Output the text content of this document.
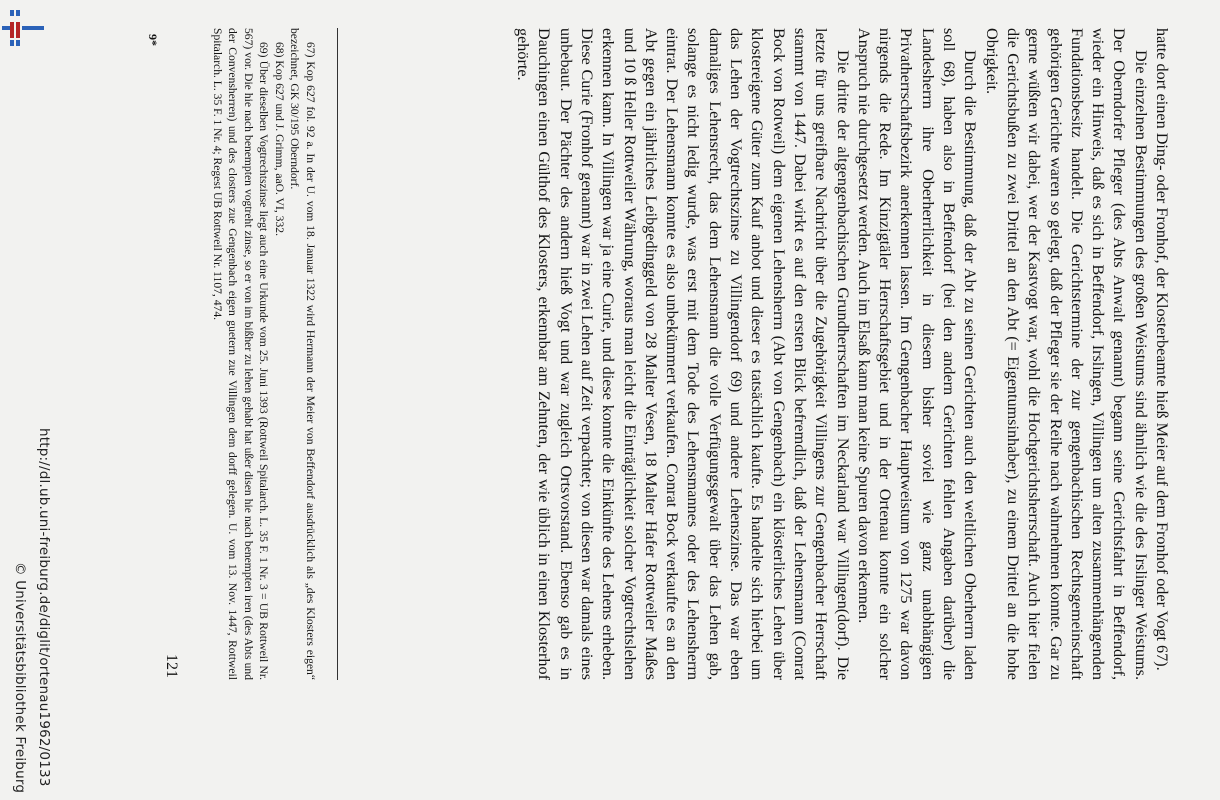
http://dl.ub.uni-freiburg.de/diglit/ortenau1962/0133
© Universitätsbibliothek Freiburg

hatte dort einen Ding- oder Fronhof, der Klosterbeamte hieß Meier auf dem Fronhof oder Vogt 67).

Die einzelnen Bestimmungen des großen Weistums sind ähnlich wie die des Irslinger Weistums. Der Oberndorfer Pfleger (des Abts Anwalt genannt) begann seine Gerichtsfahrt in Beffendorf, wieder ein Hinweis, daß es sich in Beffendorf, Irslingen, Villingen um alten zusammenhängenden Fundationsbesitz handelt. Die Gerichtstermine der zur gengenbachischen Rechtsgemeinschaft gehörigen Gerichte waren so gelegt, daß der Pfleger sie der Reihe nach wahrnehmen konnte. Gar zu gerne wüßten wir dabei, wer der Kastvogt war, wohl die Hochgerichtsherrschaft. Auch hier fielen die Gerichtsbußen zu zwei Drittel an den Abt (= Eigentumsinhaber), zu einem Drittel an die hohe Obrigkeit.

Durch die Bestimmung, daß der Abt zu seinen Gerichten auch den weltlichen Oberherrn laden soll 68), haben also in Beffendorf (bei den andern Gerichten fehlen Angaben darüber) die Landesherrn ihre Oberherrlichkeit in diesem bisher soviel wie ganz unabhängigen Privatherrschaftsbezirk anerkennen lassen. Im Gengenbacher Hauptweistum von 1275 war davon nirgends die Rede. Im Kinzigtäler Herrschaftsgebiet und in der Ortenau konnte ein solcher Anspruch nie durchgesetzt werden. Auch im Elsaß kann man keine Spuren davon erkennen.

Die dritte der altgengenbachischen Grundherrschaften im Neckarland war Villingen(dorf). Die letzte für uns greifbare Nachricht über die Zugehörigkeit Villingens zur Gengenbacher Herrschaft stammt von 1447. Dabei wirkt es auf den ersten Blick befremdlich, daß der Lehensmann (Conrat Bock von Rotweil) dem eigenen Lehensherrn (Abt von Gengenbach) ein klösterliches Lehen über klostereigene Güter zum Kauf anbot und dieser es tatsächlich kaufte. Es handelte sich hierbei um das Lehen der Vogtrechtszinse zu Villingendorf 69) und andere Lehenszinse. Das war eben damaliges Lehensrecht, das dem Lehensmann die volle Verfügungsgewalt über das Lehen gab, solange es nicht ledig wurde, was erst mit dem Tode des Lehensmannes oder des Lehensherrn eintrat. Der Lehensmann konnte es also unbekümmert verkaufen. Conrat Bock verkaufte es an den Abt gegen ein jährliches Leibgedinggeld von 28 Malter Vesen, 18 Malter Hafer Rottweiler Maßes und 10 ß Heller Rottweiler Währung, woraus man leicht die Einträglichkeit solcher Vogtrechtslehen erkennen kann. In Villingen war ja eine Curie, und diese konnte die Einkünfte des Lehens erheben. Diese Curie (Fronhof genannt) war in zwei Lehen auf Zeit verpachtet; von diesen war damals eines unbebaut. Der Pächter des andern hieß Vogt und war zugleich Ortsvorstand. Ebenso gab es in Dauchingen einen Gülthof des Klosters, erkennbar am Zehnten, der wie üblich in einen Klosterhof gehörte.

67) Kop 627 fol. 92 a. In der U. vom 18. Januar 1322 wird Hermann der Meier von Beffendorf ausdrücklich als „des Klosters eigen“ bezeichnet, GK 30/195 Oberndorf.

68) Kop 627 und J. Grimm, aaO. VI, 332.

69) Über dieselben Vogtrechtszinse liegt auch eine Urkunde vom 25. Juni 1393 (Rottweil Spitalarch. L. 35 F. 1 Nr. 3 = UB Rottweil Nr. 567) vor. Die hie nach benempten vogtreht zinse, so er von im bißher zu lehen gehabt hat ußer disen hie nach benempten iren (des Abts und der Convensherren) und des closters zue Gengenbach eigen guetern zue Villingen dem dorff gelegen. U. vom 13. Nov. 1447, Rottweil Spitalarch. L. 35 F. 1 Nr. 4; Regest UB Rottweil Nr. 1107, 474.

9*
121
